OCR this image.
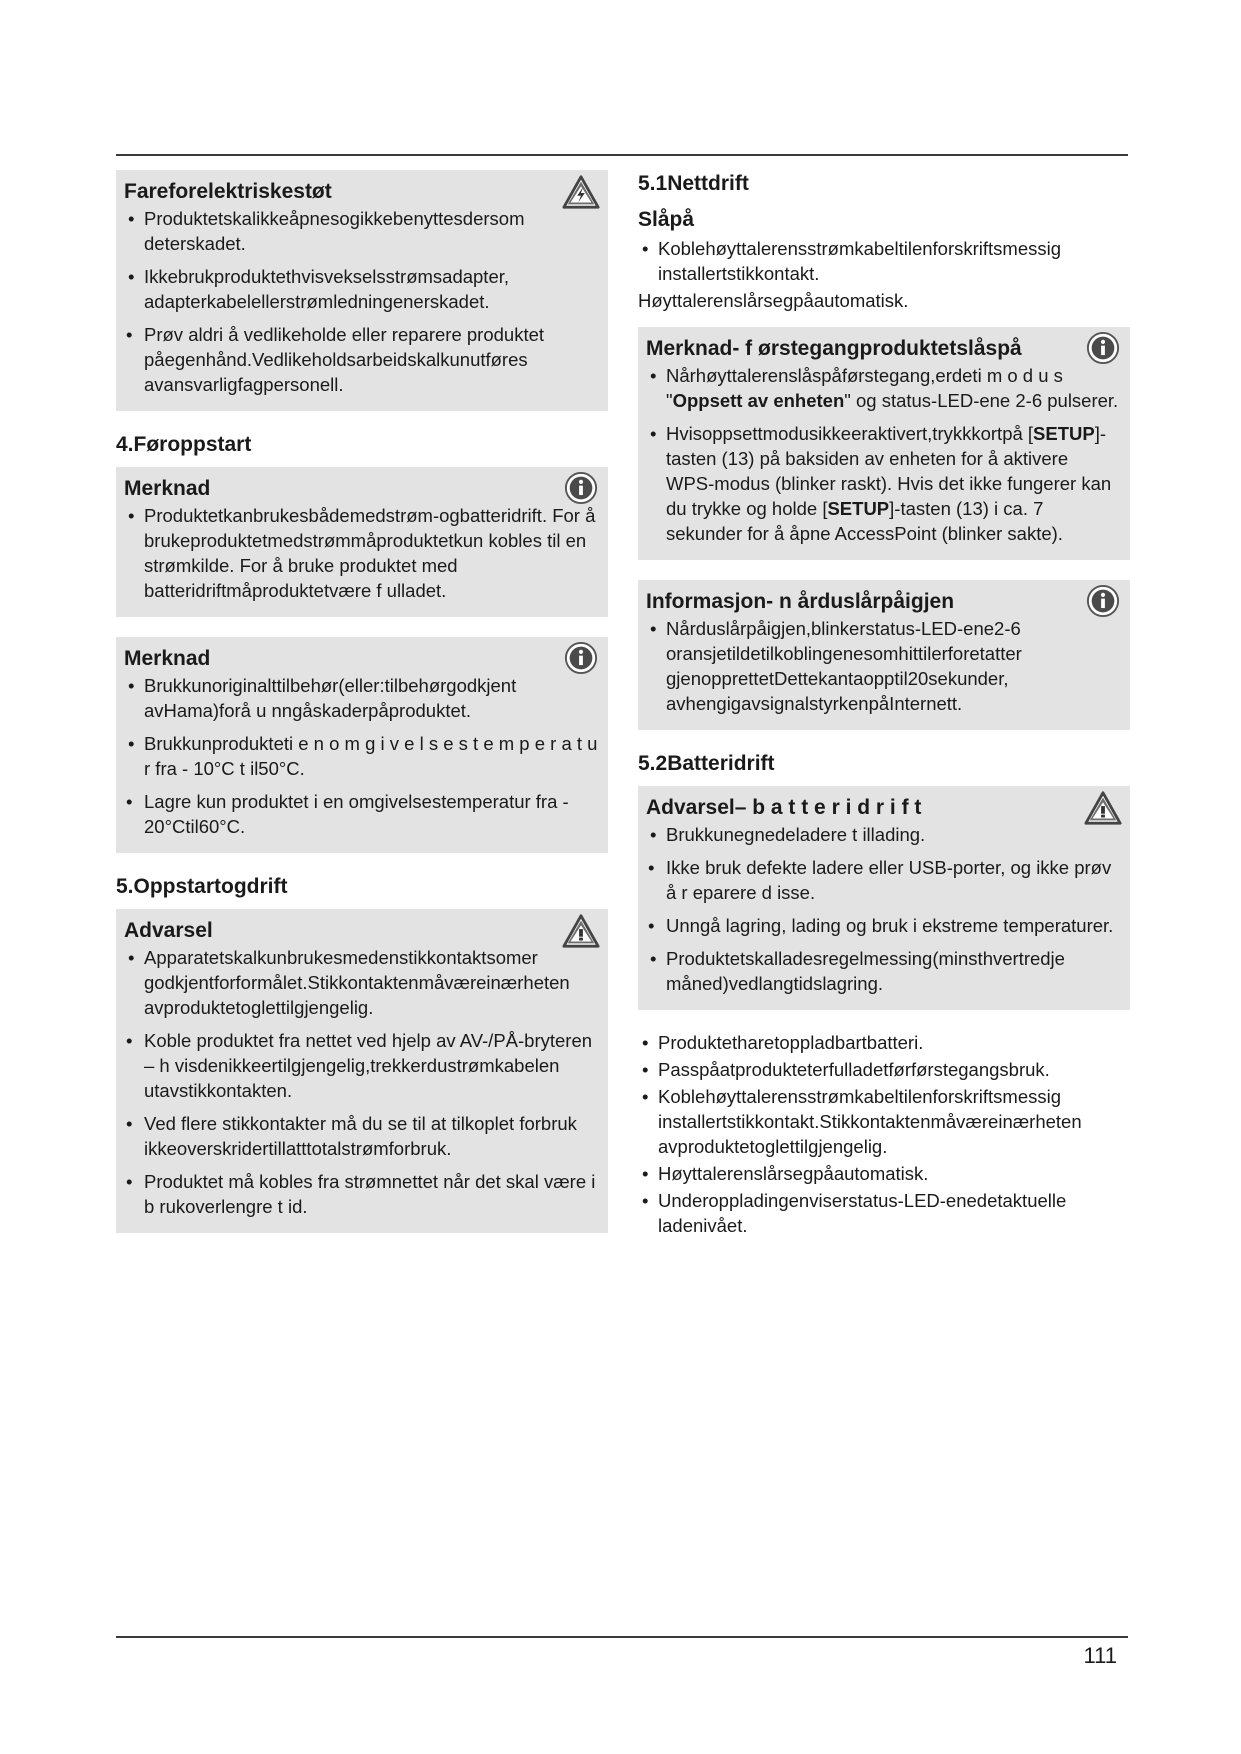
Fareforelektriskestøt
• Produktetskalikkeåpnesogikkebenyttesdersom deterskadet.
• Ikkebrukproduktethvisvekselsstrømsadapter, adapterkabelellerstrømledningenerskadet.
• Prøv aldri å vedlikeholde eller reparere produktet påegenhånd.Vedlikeholdsarbeidskalkunutføres avansvarligfagpersonell.
4.Føroppstart
Merknad
• Produktetkanbrukesbådemedstrøm-ogbatteridrift. For å brukeproduktetmedstrømmåproduktetkun kobles til en strømkilde. For å bruke produktet med batteridriftmåproduktetvære f ulladet.
Merknad
• Brukkunoriginalttilbehør(eller:tilbehørgodkjent avHama)forå u nngåskaderpåproduktet.
• Brukkunprodukteti e n o m g i v e l s e s t e m p e r a t u r fra - 10°C t il50°C.
• Lagre kun produktet i en omgivelsestemperatur fra - 20°Ctil60°C.
5.Oppstartogdrift
Advarsel
• Apparatetskalkunbrukesmedenstikkontaktsomer godkjentforformålet.Stikkontaktenmåværeinærheten avproduktetoglettilgjengelig.
• Koble produktet fra nettet ved hjelp av AV-/PÅ-bryteren – h visdenikkeertilgjengelig,trekkerdustrømkabelen utavstikkontakten.
• Ved flere stikkontakter må du se til at tilkoplet forbruk ikkeoverskridertillatttotalstrømforbruk.
• Produktet må kobles fra strømnettet når det skal være i b rukoverlengre t id.
5.1Nettdrift
Slåpå
• Koblehøyttalerensstrømkabeltilenforskriftsmessig installertstikkontakt.
Høyttalerenslårsegpåautomatisk.
Merknad- f ørstegangproduktetslåspå
• Nårhøyttalerenslåspåførstegang,erdeti m o d u s
"Oppsett av enheten" og status-LED-ene 2-6 pulserer.
• Hvisoppsettmodusikkeeraktivert,trykkkortpå [SETUP]-tasten (13) på baksiden av enheten for å aktivere WPS-modus (blinker raskt). Hvis det ikke fungerer kan du trykke og holde [SETUP]-tasten (13) i ca. 7 sekunder for å åpne AccessPoint (blinker sakte).
Informasjon- n årduslårpåigjen
• Nårduslårpåigjen,blinkerstatus-LED-ene2-6 oransjetildetilkoblingenesomhittilerforetatter gjenopprettetDettekantaopptil20sekunder, avhengigavsignalstyrkenpåInternett.
5.2Batteridrift
Advarsel– b a t t e r i d r i f t
• Brukkunegnedeladere t illading.
• Ikke bruk defekte ladere eller USB-porter, og ikke prøv å r eparere d isse.
• Unngå lagring, lading og bruk i ekstreme temperaturer.
• Produktetskalladesregelmessing(minsthvertredje måned)vedlangtidslagring.
• Produktetharetoppladbartbatteri.
• Passpåatprodukteterfulladetførførstegangsbruk.
• Koblehøyttalerensstrømkabeltilenforskriftsmessig installertstikkontakt.Stikkontaktenmåværeinærheten avproduktetoglettilgjengelig.
• Høyttalerenslårsegpåautomatisk.
• Underoppladingenviserstatus-LED-enedetaktuelle ladenivået.
111
